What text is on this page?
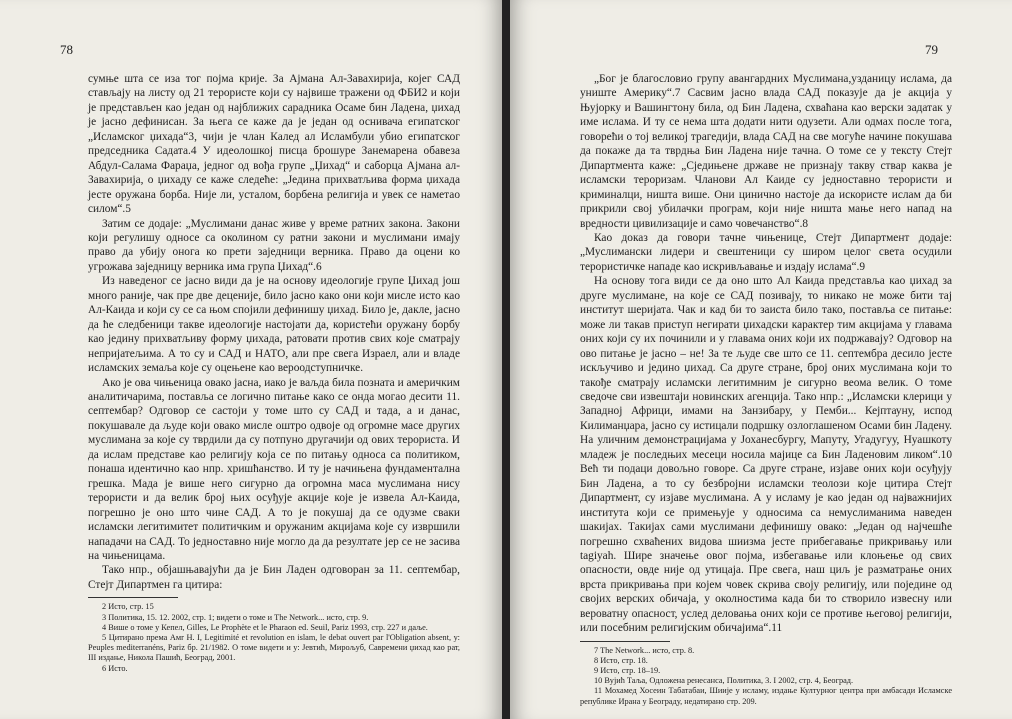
78

сумње шта се иза тог појма крије. За Ајмана Ал-Завахирија, којег САД стављају на листу од 21 терористе који су највише тражени од ФБИ2 и који је представљен као један од најближих сарадника Осаме бин Ладена, џихад је јасно дефинисан. За њега се каже да је један од оснивача египатског „Исламског џихада“3, чији је члан Калед ал Исламбули убио египатског председника Садата.4 У идеолошкој писца брошуре Занемарена обавеза Абдул-Салама Фараџа, једног од вођа групе „Џихад“ и саборца Ајмана ал-Завахирија, о џихаду се каже следеће: „Једина прихватљива форма џихада јесте оружана борба. Није ли, усталом, борбена религија и увек се наметао силом“.5

Затим се додаје: „Муслимани данас живе у време ратних закона. Закони који регулишу односе са околином су ратни закони и муслимани имају право да убију онога ко прети заједници верника. Право да оцени ко угрожава заједницу верника има група Џихад“.6

Из наведеног се јасно види да је на основу идеологије групе Џихад још много раније, чак пре две деценије, било јасно како они који мисле исто као Ал-Каида и који су се са њом спојили дефинишу џихад. Било је, дакле, јасно да ће следбеници такве идеологије настојати да, користећи оружану борбу као једину прихватљиву форму џихада, ратовати против свих које сматрају непријатељима. А то су и САД и НАТО, али пре свега Израел, али и владе исламских земаља које су оцењене као верoодступничке.

Ако је ова чињеница овако јасна, иако је ваљда била позната и америчким аналитичарима, поставља се логично питање какo се онда могао десити 11. септембар? Одговор се састоји у томе што су САД и тада, а и данас, покушавале да људе који овако мисле оштро одвоје од огромне масе других муслимана за које су тврдили да су потпуно другачији од ових терориста. И да ислам представе као религију која се по питању односа са политиком, понаша идентично као нпр. хришћанство. И ту је начињена фундаментална грешка. Мада је више него сигурно да огромна маса муслимана нису терористи и да велик број њих осуђује акције које је извела Ал-Каида, погрешно је оно што чине САД. А то је покушај да се одузме сваки исламски легитимитет политичким и оружаним акцијама које су извршили нападачи на САД. То једноставно није могло да да резултате јер се не засива на чињеницама.

Тако нпр., објашњавајући да је Бин Ладен одговоран за 11. септембар, Стејт Дипартмен га цитира:

2 Исто, стр. 15

3 Политика, 15. 12. 2002, стр. 1; видети о томе и The Network... исто, стр. 9.

4 Више о томе у Кепел, Gilles, Le Prophète et le Pharaon ed. Seuil, Pariz 1993, стр. 227 и даље.

5 Цитирано према Амr H. I, Legitimité et revolution en islam, le debat ouvert par l'Obligation absent, у: Peuples mediterranéns, Pariz бр. 21/1982. О томе видети и у: Јевтић, Мирољуб, Савремени џихад као рат, III издање, Никола Пашић, Београд, 2001.

6 Исто.

79

„Бог је благословио групу авангардних Муслимана,узданицу ислама, да униште Америку“.7 Сасвим јасно влада САД показује да је акција у Њујорку и Вашингтону била, од Бин Ладена, схваћана као верски задатак у име ислама. И ту се нема шта додати нити одузети. Али одмах после тога, говорећи о тој великој трагедији, влада САД на све могуће начине покушава да покаже да та тврдња Бин Ладена није тачна. О томе се у тексту Стејт Дипартмента каже: „Сједињене државе не признају такву ствар каква је исламски тероризам. Чланови Ал Каиде су једноставно терористи и криминалци, ништа више. Они цинично настоје да искористе ислам да би прикрили свој убилачки програм, који није ништа мање него напад на вредности цивилизације и само човечанство“.8

Као доказ да говори тачне чињенице, Стејт Дипартмент додаје: „Муслимански лидери и свештеници су широм целог света осудили терористичке нападе као искривљавање и издају ислама“.9

На основу тога види се да оно што Ал Каида представља као џихад за друге муслимане, на које се САД позивају, то никако не може бити тај институт шеријата. Чак и кад би то заиста било тако, поставља се питање: може ли такав приступ негирати џихадски карактер тим акцијама у главама оних који су их починили и у главама оних који их подржавају? Одговор на ово питање је јасно – не! За те људе све што се 11. септембра десило јесте искључиво и једино џихад. Са друге стране, број оних муслимана који то такође сматрају исламски легитимним је сигурно веома велик. О томе сведоче сви извештаји новинских агенција. Тако нпр.: „Исламски клерици у Западној Африци, имами на Занзибару, у Пемби... Кејптауну, испод Килиманџара, јасно су истицали подршку озлоглашеном Осами бин Ладену. На уличним демонстрацијама у Јоханесбургу, Мапуту, Угадугуу, Нуашкоту младеж је последњих месеци носила мајице са Бин Ладеновим ликом“.10 Већ ти подаци довољно говоре. Са друге стране, изјаве оних који осуђују Бин Ладена, а то су безбројни исламски теолози које цитира Стејт Дипартмент, су изјаве муслимана. А у исламу је као један од најважнијих института који се примењује у односима са немуслиманима навeден шакијах. Такијах сами муслимани дефинишу овако: „Један од најчешће погрешно схваћених видова шиизма јесте прибегавање прикривању или tagiyah. Шире значење овог појма, избегавање или клоњење од свих опасности, овде није од утицаја. Пре свега, наш циљ је разматрање оних врста прикривања при којем човек скрива своју религију, или поједине од својих верских обичаја, у околностима када би то створило извесну или вероватну опасност, услед деловања оних који се противе његовој религији, или посебним религијским обичајима“.11

7 The Network... исто, стр. 8.

8 Исто, стр. 18.

9 Исто, стр. 18–19.

10 Вујић Таља, Одложена ренесанса, Политика, 3. I 2002, стр. 4, Београд.

11 Мохамед Хосеин Табатабаи, Шиије у исламу, издање Културног центра при амбасади Исламске републике Ирана у Београду, недатирано стр. 209.
